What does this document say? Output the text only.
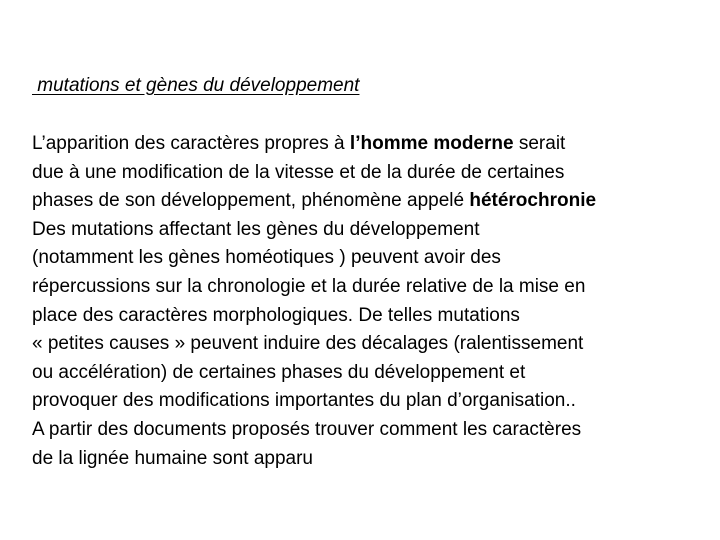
mutations et gènes du développement
L’apparition des caractères propres à l’homme moderne serait
due à une modification de la vitesse et de la durée de certaines
phases de son développement, phénomène appelé hétérochronie
Des mutations affectant les gènes du développement
(notamment les gènes homéotiques ) peuvent avoir des
répercussions sur la chronologie et la durée relative de la mise en
place des caractères morphologiques. De telles mutations
« petites causes » peuvent induire des décalages (ralentissement
ou accélération) de certaines phases du développement et
provoquer des modifications importantes du plan d’organisation..
A partir des documents proposés trouver comment les caractères
de la lignée humaine sont apparu
